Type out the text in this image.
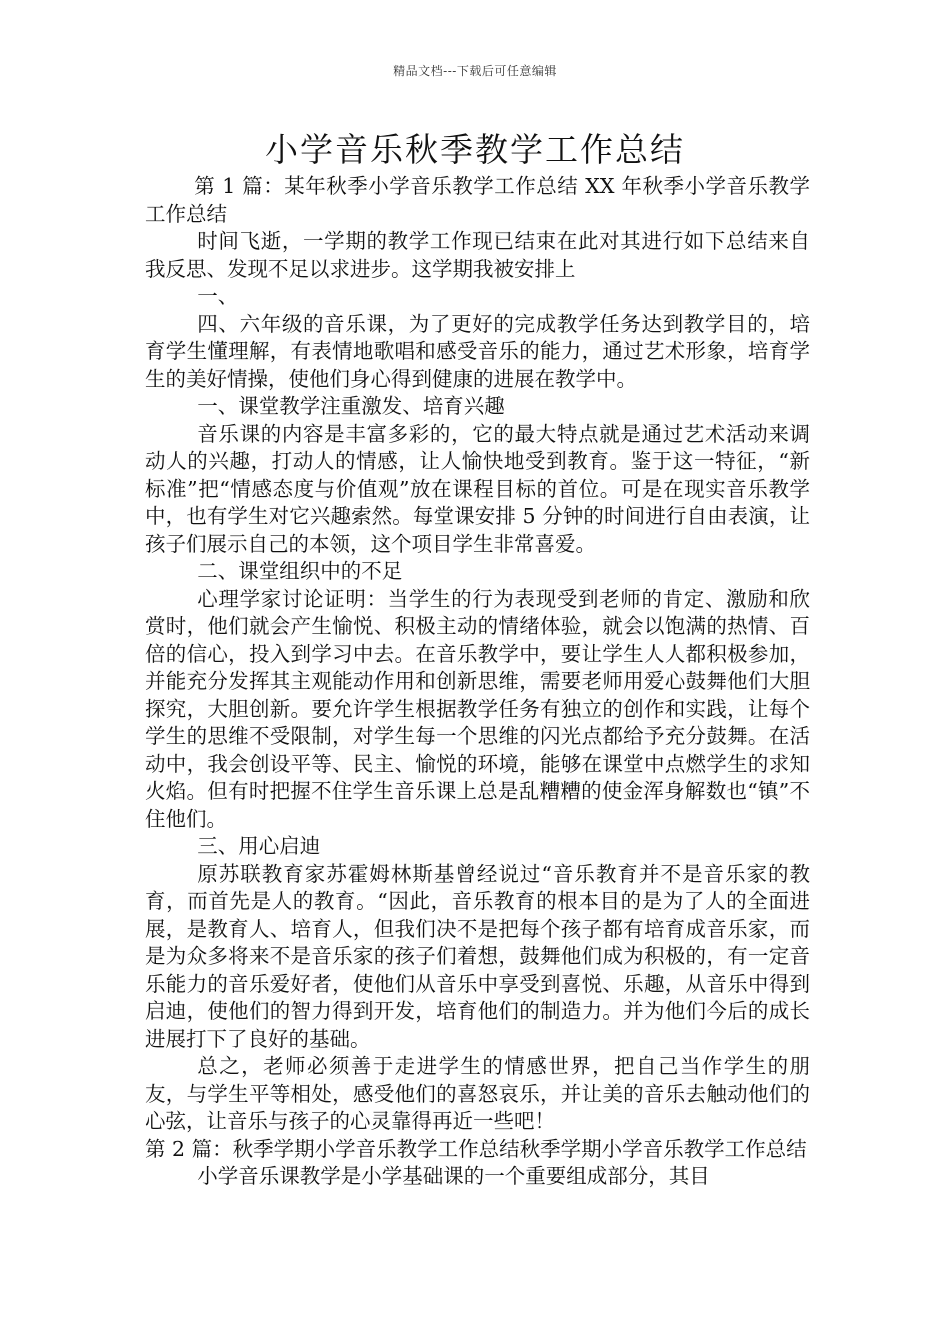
精品文档---下载后可任意编辑
小学音乐秋季教学工作总结

第 1 篇：某年秋季小学音乐教学工作总结 XX 年秋季小学音乐教学工作总结

时间飞逝，一学期的教学工作现已结束在此对其进行如下总结来自我反思、发现不足以求进步。这学期我被安排上

一、

四、六年级的音乐课，为了更好的完成教学任务达到教学目的，培育学生懂理解，有表情地歌唱和感受音乐的能力，通过艺术形象，培育学生的美好情操，使他们身心得到健康的进展在教学中。

一、课堂教学注重激发、培育兴趣

音乐课的内容是丰富多彩的，它的最大特点就是通过艺术活动来调动人的兴趣，打动人的情感，让人愉快地受到教育。鉴于这一特征，“新标准”把“情感态度与价值观”放在课程目标的首位。可是在现实音乐教学中，也有学生对它兴趣索然。每堂课安排 5 分钟的时间进行自由表演，让孩子们展示自己的本领，这个项目学生非常喜爱。

二、课堂组织中的不足

心理学家讨论证明：当学生的行为表现受到老师的肯定、激励和欣赏时，他们就会产生愉悦、积极主动的情绪体验，就会以饱满的热情、百倍的信心，投入到学习中去。在音乐教学中，要让学生人人都积极参加，并能充分发挥其主观能动作用和创新思维，需要老师用爱心鼓舞他们大胆探究，大胆创新。要允许学生根据教学任务有独立的创作和实践，让每个学生的思维不受限制，对学生每一个思维的闪光点都给予充分鼓舞。在活动中，我会创设平等、民主、愉悦的环境，能够在课堂中点燃学生的求知火焰。但有时把握不住学生音乐课上总是乱糟糟的使金浑身解数也“镇”不住他们。

三、用心启迪

原苏联教育家苏霍姆林斯基曾经说过“音乐教育并不是音乐家的教育，而首先是人的教育。“因此，音乐教育的根本目的是为了人的全面进展，是教育人、培育人，但我们决不是把每个孩子都有培育成音乐家，而是为众多将来不是音乐家的孩子们着想，鼓舞他们成为积极的，有一定音乐能力的音乐爱好者，使他们从音乐中享受到喜悦、乐趣，从音乐中得到启迪，使他们的智力得到开发，培育他们的制造力。并为他们今后的成长进展打下了良好的基础。

总之，老师必须善于走进学生的情感世界，把自己当作学生的朋友，与学生平等相处，感受他们的喜怒哀乐，并让美的音乐去触动他们的心弦，让音乐与孩子的心灵靠得再近一些吧！

第 2 篇：秋季学期小学音乐教学工作总结秋季学期小学音乐教学工作总结

小学音乐课教学是小学基础课的一个重要组成部分，其目
